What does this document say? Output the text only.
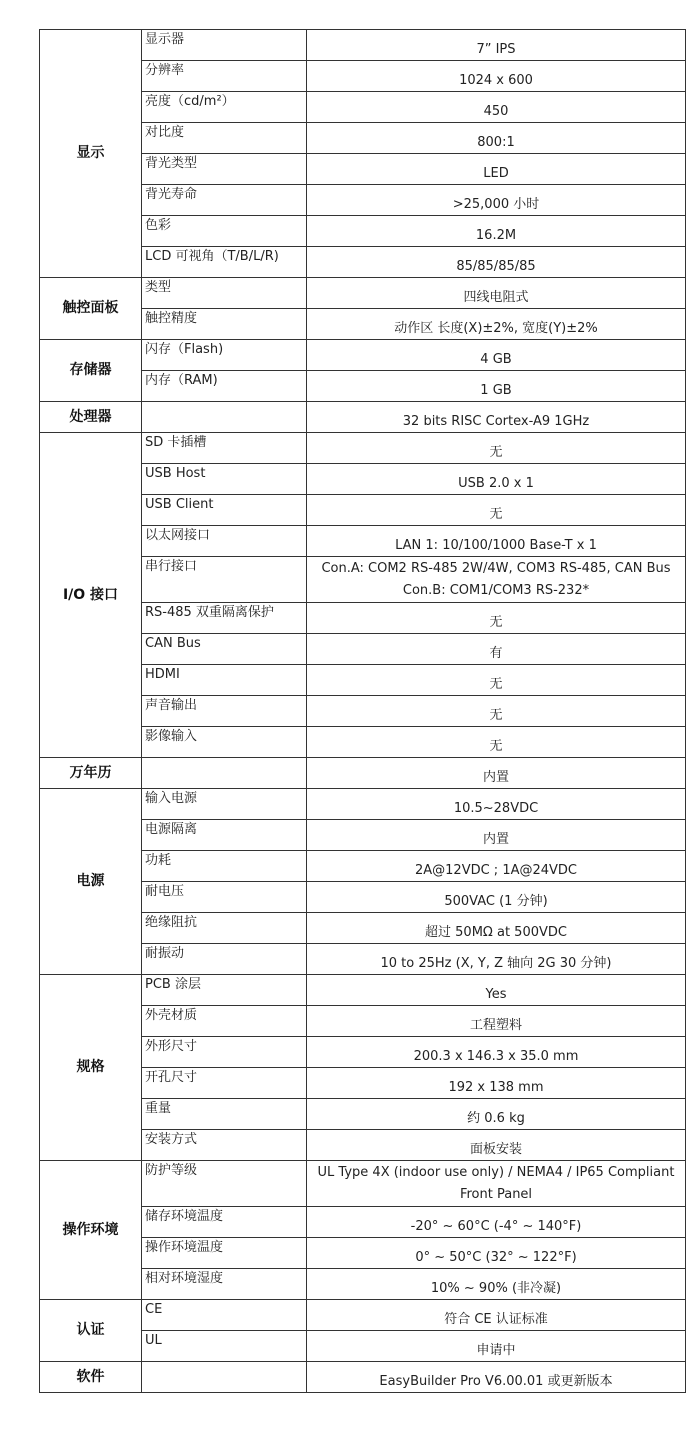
显示	显示器	7” IPS
	分辨率	1024 x 600
	亮度（cd/m²）	450
	对比度	800:1
	背光类型	LED
	背光寿命	>25,000 小时
	色彩	16.2M
	LCD 可视角（T/B/L/R)	85/85/85/85
触控面板	类型	四线电阻式
	触控精度	动作区 长度(X)±2%, 宽度(Y)±2%
存储器	闪存（Flash)	4 GB
	内存（RAM)	1 GB
处理器		32 bits RISC Cortex-A9 1GHz
I/O 接口	SD 卡插槽	无
	USB Host	USB 2.0 x 1
	USB Client	无
	以太网接口	LAN 1: 10/100/1000 Base-T x 1
	串行接口	Con.A: COM2 RS-485 2W/4W, COM3 RS-485, CAN Bus
Con.B: COM1/COM3 RS-232*

	RS-485 双重隔离保护	无
	CAN Bus	有
	HDMI	无
	声音输出	无
	影像输入	无
万年历		内置
电源	输入电源	10.5~28VDC
	电源隔离	内置
	功耗	2A@12VDC ; 1A@24VDC
	耐电压	500VAC (1 分钟)
	绝缘阻抗	超过 50MΩ at 500VDC
	耐振动	10 to 25Hz (X, Y, Z 轴向 2G 30 分钟)
规格	PCB 涂层	Yes
	外壳材质	工程塑料
	外形尺寸	200.3 x 146.3 x 35.0 mm
	开孔尺寸	192 x 138 mm
	重量	约 0.6 kg
	安装方式	面板安装
操作环境	防护等级	UL Type 4X (indoor use only) / NEMA4 / IP65 Compliant
Front Panel

	储存环境温度	-20° ~ 60°C (-4° ~ 140°F)
	操作环境温度	0° ~ 50°C (32° ~ 122°F)
	相对环境湿度	10% ~ 90% (非冷凝)
认证	CE	符合 CE 认证标准
	UL	申请中
软件		EasyBuilder Pro V6.00.01 或更新版本
